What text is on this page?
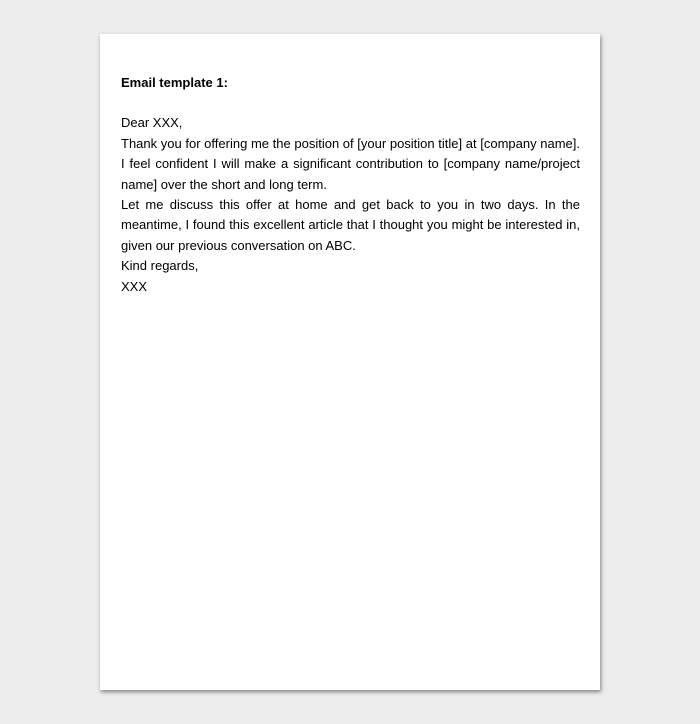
Email template 1:

Dear XXX,

Thank you for offering me the position of [your position title] at [company name]. I feel confident I will make a significant contribution to [company name/project name] over the short and long term.

Let me discuss this offer at home and get back to you in two days. In the meantime, I found this excellent article that I thought you might be interested in, given our previous conversation on ABC.

Kind regards,

XXX
